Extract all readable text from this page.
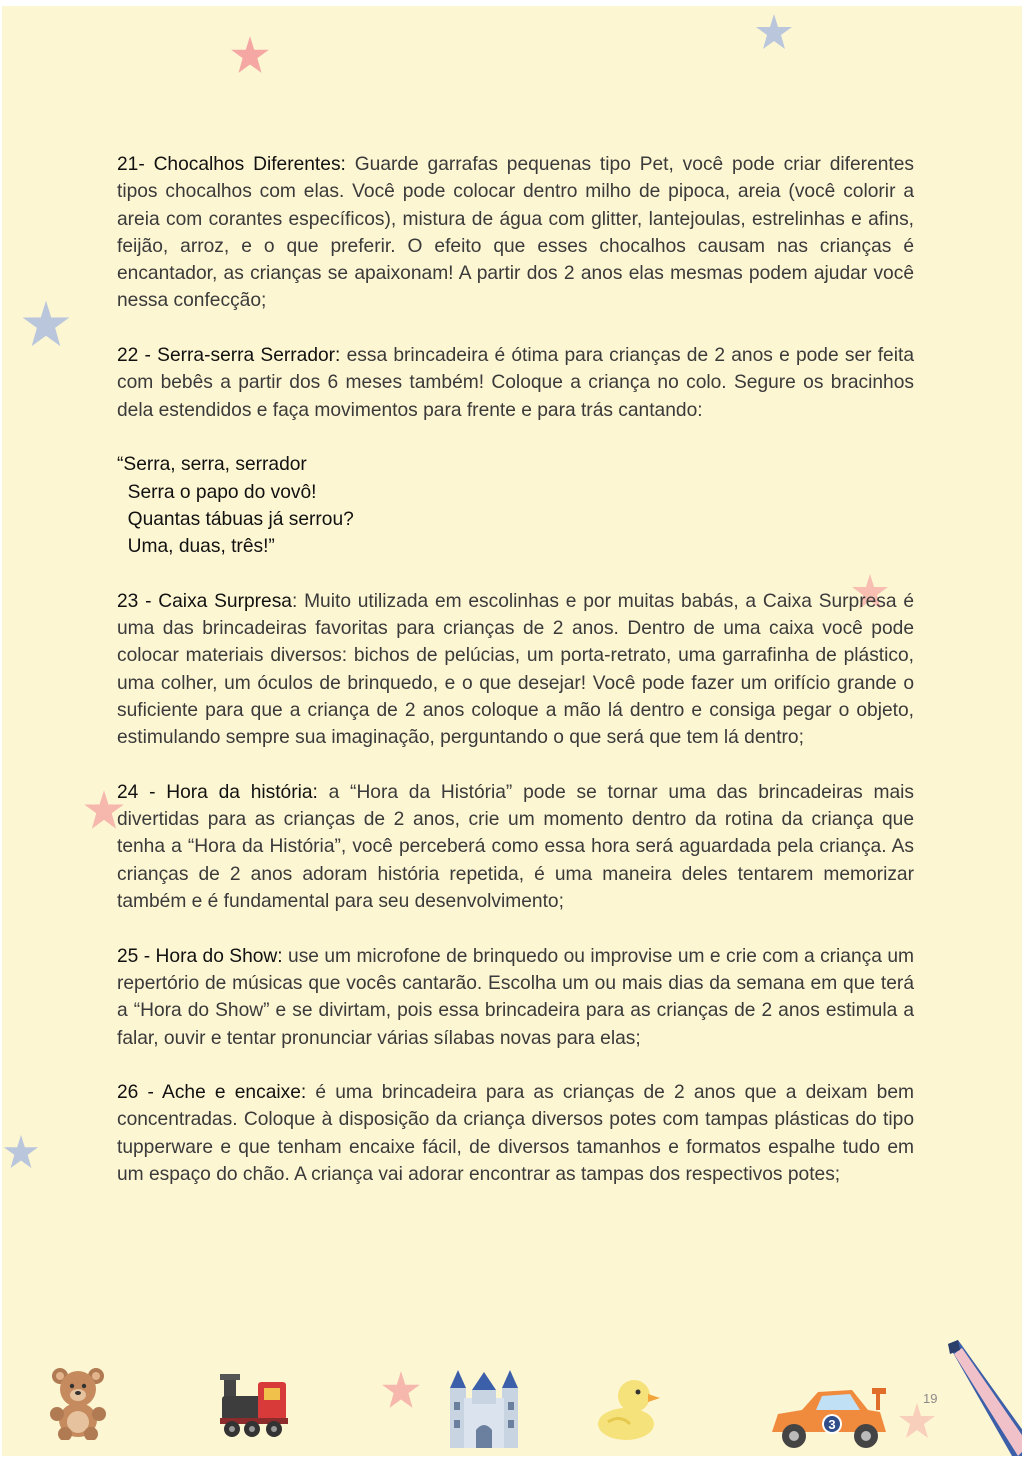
21- Chocalhos Diferentes: Guarde garrafas pequenas tipo Pet, você pode criar diferentes tipos chocalhos com elas. Você pode colocar dentro milho de pipoca, areia (você colorir a areia com corantes específicos), mistura de água com glitter, lantejoulas, estrelinhas e afins, feijão, arroz, e o que preferir. O efeito que esses chocalhos causam nas crianças é encantador, as crianças se apaixonam! A partir dos 2 anos elas mesmas podem ajudar você nessa confecção;

22 - Serra-serra Serrador: essa brincadeira é ótima para crianças de 2 anos e pode ser feita com bebês a partir dos 6 meses também! Coloque a criança no colo. Segure os bracinhos dela estendidos e faça movimentos para frente e para trás cantando:

“Serra, serra, serrador
Serra o papo do vovô!
Quantas tábuas já serrou?
Uma, duas, três!”

23 - Caixa Surpresa: Muito utilizada em escolinhas e por muitas babás, a Caixa Surpresa é uma das brincadeiras favoritas para crianças de 2 anos. Dentro de uma caixa você pode colocar materiais diversos: bichos de pelúcias, um porta-retrato, uma garrafinha de plástico, uma colher, um óculos de brinquedo, e o que desejar! Você pode fazer um orifício grande o suficiente para que a criança de 2 anos coloque a mão lá dentro e consiga pegar o objeto, estimulando sempre sua imaginação, perguntando o que será que tem lá dentro;

24 - Hora da história: a “Hora da História” pode se tornar uma das brincadeiras mais divertidas para as crianças de 2 anos, crie um momento dentro da rotina da criança que tenha a “Hora da História”, você perceberá como essa hora será aguardada pela criança. As crianças de 2 anos adoram história repetida, é uma maneira deles tentarem memorizar também e é fundamental para seu desenvolvimento;

25 - Hora do Show: use um microfone de brinquedo ou improvise um e crie com a criança um repertório de músicas que vocês cantarão. Escolha um ou mais dias da semana em que terá a “Hora do Show” e se divirtam, pois essa brincadeira para as crianças de 2 anos estimula a falar, ouvir e tentar pronunciar várias sílabas novas para elas;

26 - Ache e encaixe: é uma brincadeira para as crianças de 2 anos que a deixam bem concentradas. Coloque à disposição da criança diversos potes com tampas plásticas do tipo tupperware e que tenham encaixe fácil, de diversos tamanhos e formatos espalhe tudo em um espaço do chão. A criança vai adorar encontrar as tampas dos respectivos potes;

3
19
